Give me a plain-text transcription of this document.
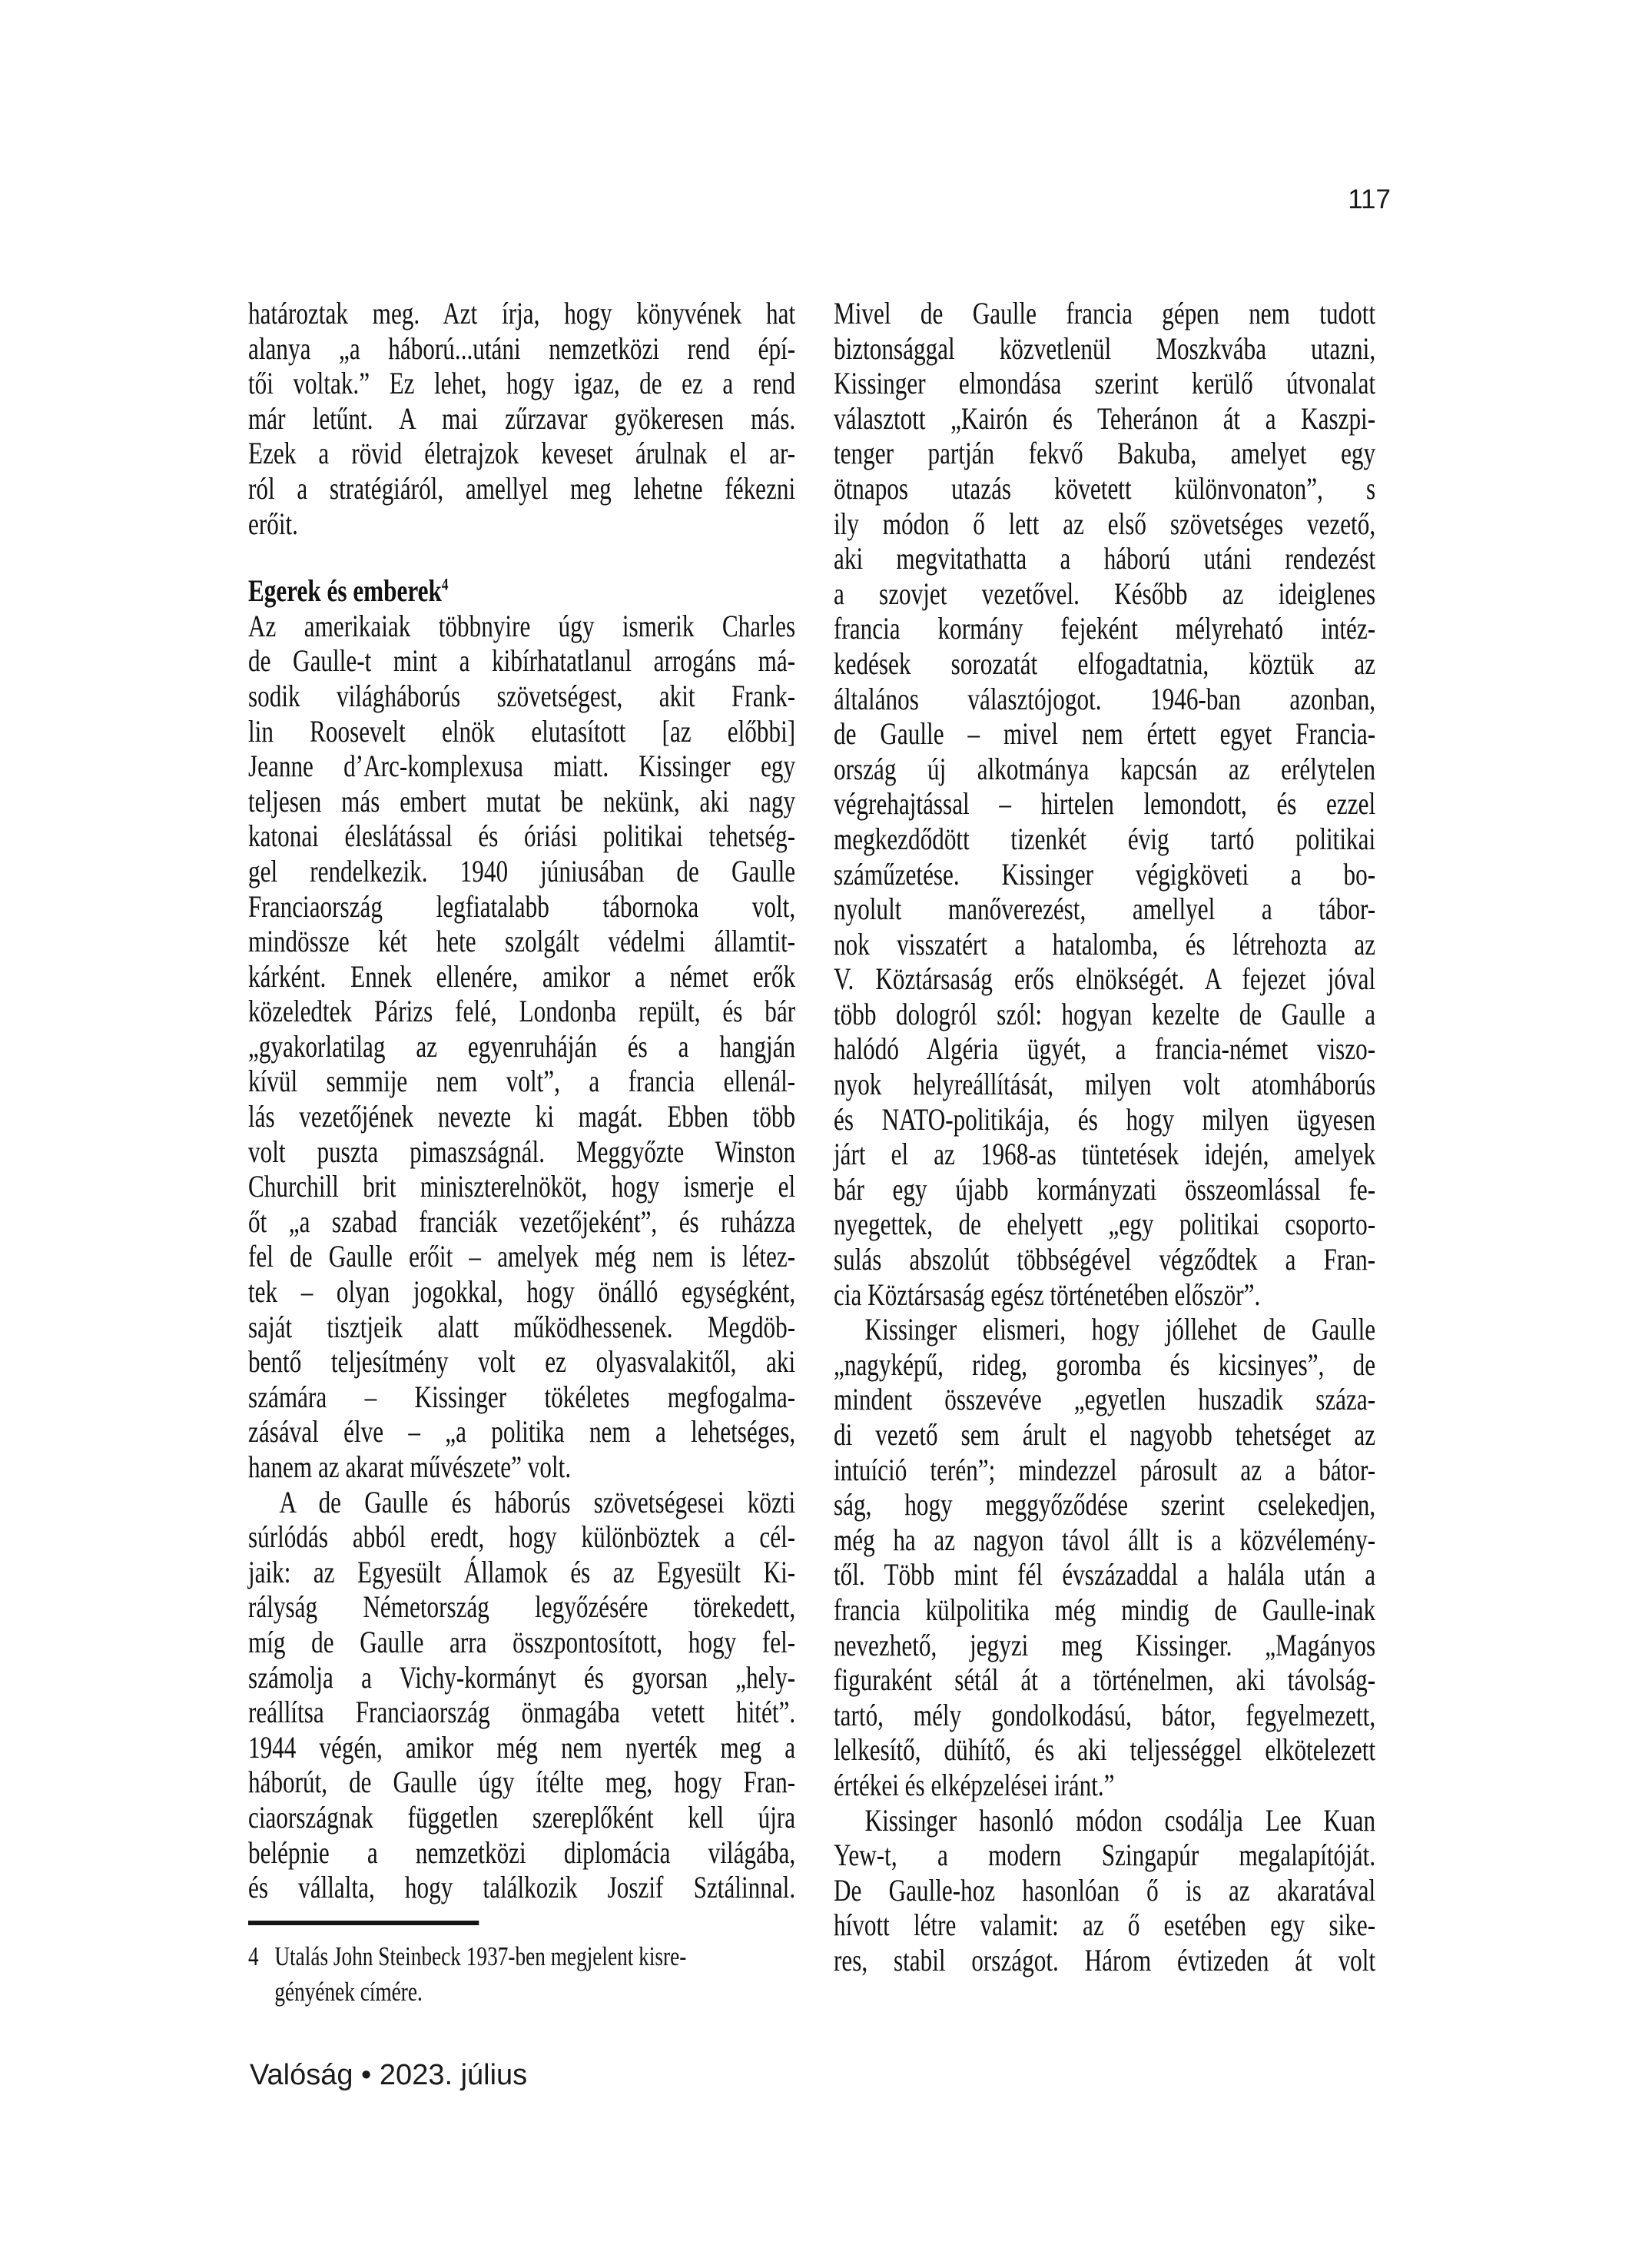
117
határoztak meg. Azt írja, hogy könyvének hat
alanya „a háború...utáni nemzetközi rend épí-
tői voltak.” Ez lehet, hogy igaz, de ez a rend
már letűnt. A mai zűrzavar gyökeresen más.
Ezek a rövid életrajzok keveset árulnak el ar-
ról a stratégiáról, amellyel meg lehetne fékezni
erőit.
Egerek és emberek$^4$
Az amerikaiak többnyire úgy ismerik Charles
de Gaulle-t mint a kibírhatatlanul arrogáns má-
sodik világháborús szövetségest, akit Frank-
lin Roosevelt elnök elutasított [az előbbi]
Jeanne d’Arc-komplexusa miatt. Kissinger egy
teljesen más embert mutat be nekünk, aki nagy
katonai éleslátással és óriási politikai tehetség-
gel rendelkezik. 1940 júniusában de Gaulle
Franciaország legfiatalabb tábornoka volt,
mindössze két hete szolgált védelmi államtit-
kárként. Ennek ellenére, amikor a német erők
közeledtek Párizs felé, Londonba repült, és bár
„gyakorlatilag az egyenruháján és a hangján
kívül semmije nem volt”, a francia ellenál-
lás vezetőjének nevezte ki magát. Ebben több
volt puszta pimaszságnál. Meggyőzte Winston
Churchill brit miniszterelnököt, hogy ismerje el
őt „a szabad franciák vezetőjeként”, és ruházza
fel de Gaulle erőit – amelyek még nem is létez-
tek – olyan jogokkal, hogy önálló egységként,
saját tisztjeik alatt működhessenek. Megdöb-
bentő teljesítmény volt ez olyasvalakitől, aki
számára – Kissinger tökéletes megfogalma-
zásával élve – „a politika nem a lehetséges,
hanem az akarat művészete” volt.
A de Gaulle és háborús szövetségesei közti
súrlódás abból eredt, hogy különböztek a cél-
jaik: az Egyesült Államok és az Egyesült Ki-
rályság Németország legyőzésére törekedett,
míg de Gaulle arra összpontosított, hogy fel-
számolja a Vichy-kormányt és gyorsan „hely-
reállítsa Franciaország önmagába vetett hitét”.
1944 végén, amikor még nem nyerték meg a
háborút, de Gaulle úgy ítélte meg, hogy Fran-
ciaországnak független szereplőként kell újra
belépnie a nemzetközi diplomácia világába,
és vállalta, hogy találkozik Joszif Sztálinnal.
4 Utalás John Steinbeck 1937-ben megjelent kisre-
gényének címére.
Mivel de Gaulle francia gépen nem tudott
biztonsággal közvetlenül Moszkvába utazni,
Kissinger elmondása szerint kerülő útvonalat
választott „Kairón és Teheránon át a Kaszpi-
tenger partján fekvő Bakuba, amelyet egy
ötnapos utazás követett különvonaton”, s
ily módon ő lett az első szövetséges vezető,
aki megvitathatta a háború utáni rendezést
a szovjet vezetővel. Később az ideiglenes
francia kormány fejeként mélyreható intéz-
kedések sorozatát elfogadtatnia, köztük az
általános választójogot. 1946-ban azonban,
de Gaulle – mivel nem értett egyet Francia-
ország új alkotmánya kapcsán az erélytelen
végrehajtással – hirtelen lemondott, és ezzel
megkezdődött tizenkét évig tartó politikai
száműzetése. Kissinger végigköveti a bo-
nyolult manőverezést, amellyel a tábor-
nok visszatért a hatalomba, és létrehozta az
V. Köztársaság erős elnökségét. A fejezet jóval
több dologról szól: hogyan kezelte de Gaulle a
halódó Algéria ügyét, a francia-német viszo-
nyok helyreállítását, milyen volt atomháborús
és NATO-politikája, és hogy milyen ügyesen
járt el az 1968-as tüntetések idején, amelyek
bár egy újabb kormányzati összeomlással fe-
nyegettek, de ehelyett „egy politikai csoporto-
sulás abszolút többségével végződtek a Fran-
cia Köztársaság egész történetében először”.
Kissinger elismeri, hogy jóllehet de Gaulle
„nagyképű, rideg, goromba és kicsinyes”, de
mindent összevéve „egyetlen huszadik száza-
di vezető sem árult el nagyobb tehetséget az
intuíció terén”; mindezzel párosult az a bátor-
ság, hogy meggyőződése szerint cselekedjen,
még ha az nagyon távol állt is a közvélemény-
től. Több mint fél évszázaddal a halála után a
francia külpolitika még mindig de Gaulle-inak
nevezhető, jegyzi meg Kissinger. „Magányos
figuraként sétál át a történelmen, aki távolság-
tartó, mély gondolkodású, bátor, fegyelmezett,
lelkesítő, dühítő, és aki teljességgel elkötelezett
értékei és elképzelései iránt.”
Kissinger hasonló módon csodálja Lee Kuan
Yew-t, a modern Szingapúr megalapítóját.
De Gaulle-hoz hasonlóan ő is az akaratával
hívott létre valamit: az ő esetében egy sike-
res, stabil országot. Három évtizeden át volt
Valóság • 2023. július
